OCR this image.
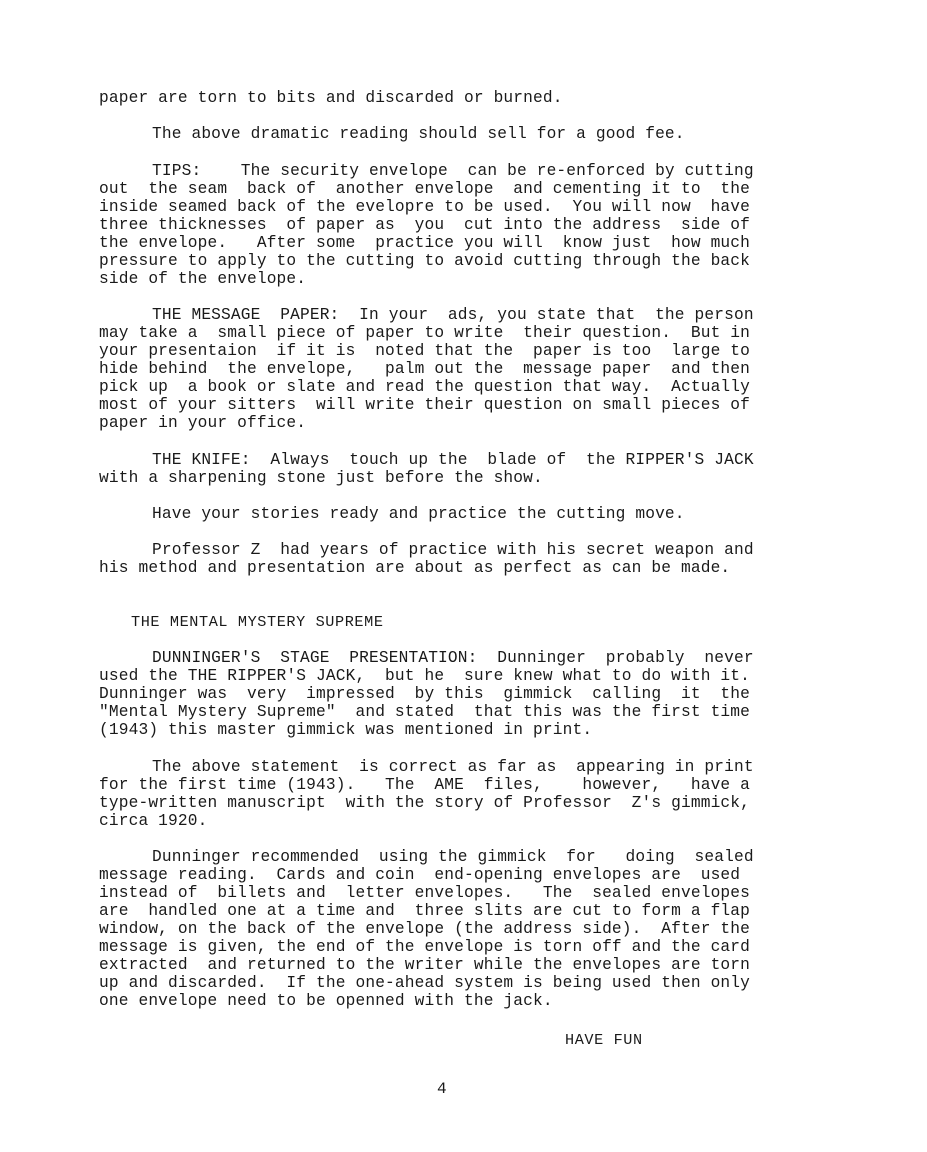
paper are torn to bits and discarded or burned.
The above dramatic reading should sell for a good fee.
TIPS:    The security envelope  can be re-enforced by cutting
out  the seam  back of  another envelope  and cementing it to  the
inside seamed back of the evelopre to be used.  You will now  have
three thicknesses  of paper as  you  cut into the address  side of
the envelope.   After some  practice you will  know just  how much
pressure to apply to the cutting to avoid cutting through the back
side of the envelope.
THE MESSAGE  PAPER:  In your  ads, you state that  the person
may take a  small piece of paper to write  their question.  But in
your presentaion  if it is  noted that the  paper is too  large to
hide behind  the envelope,   palm out the  message paper  and then
pick up  a book or slate and read the question that way.  Actually
most of your sitters  will write their question on small pieces of
paper in your office.
THE KNIFE:  Always  touch up the  blade of  the RIPPER'S JACK
with a sharpening stone just before the show.
Have your stories ready and practice the cutting move.
Professor Z  had years of practice with his secret weapon and
his method and presentation are about as perfect as can be made.
THE MENTAL MYSTERY SUPREME
DUNNINGER'S  STAGE  PRESENTATION:  Dunninger  probably  never
used the THE RIPPER'S JACK,  but he  sure knew what to do with it.
Dunninger was  very  impressed  by this  gimmick  calling  it  the
"Mental Mystery Supreme"  and stated  that this was the first time
(1943) this master gimmick was mentioned in print.
The above statement  is correct as far as  appearing in print
for the first time (1943).   The  AME  files,    however,   have a
type-written manuscript  with the story of Professor  Z's gimmick,
circa 1920.
Dunninger recommended  using the gimmick  for   doing  sealed
message reading.  Cards and coin  end-opening envelopes are  used
instead of  billets and  letter envelopes.   The  sealed envelopes
are  handled one at a time and  three slits are cut to form a flap
window, on the back of the envelope (the address side).  After the
message is given, the end of the envelope is torn off and the card
extracted  and returned to the writer while the envelopes are torn
up and discarded.  If the one-ahead system is being used then only
one envelope need to be openned with the jack.
HAVE FUN
4
